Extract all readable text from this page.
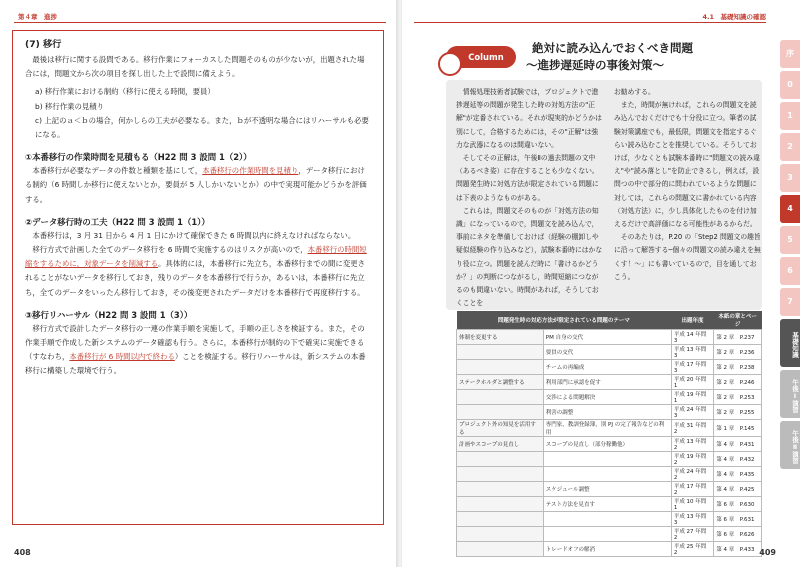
第４章　 進捗
(7) 移行

最後は移行に関する設問である。移行作業にフォーカスした問題そのものが少ないが，出題された場合には，問題文から次の項目を探し出した上で設問に備えよう。

a) 移行作業における制約（移行に使える時間，要員）
b) 移行作業の見積り
c) 上記のａ＜ｂの場合，何かしらの工夫が必要なる。また，ｂが不透明な場合にはリハーサルも必要になる。
①本番移行の作業時間を見積もる（H22 問 3 設問 1（2））

本番移行が必要なデータの件数と種類を基にして，本番移行の作業時間を見積り，データ移行における制約（6 時間しか移行に使えないとか，要員が 5 人しかいないとか）の中で実現可能かどうかを評価する。

②データ移行時の工夫（H22 問 3 設問 1（1））

本番移行は，3 月 31 日から 4 月 1 日にかけて確保できた 6 時間以内に終えなければならない。

移行方式で計画した全てのデータ移行を 6 時間で実施するのはリスクが高いので，本番移行の時間短縮をするために，対象データを削減する。具体的には，本番移行に先立ち，本番移行までの間に変更されることがないデータを移行しておき，残りのデータを本番移行で行うか，あるいは，本番移行に先立ち，全てのデータをいったん移行しておき，その後変更されたデータだけを本番移行で再度移行する。

③移行リハーサル（H22 問 3 設問 1（3））

移行方式で設計したデータ移行の一連の作業手順を実施して，手順の正しさを検証する。また，その作業手順で作成した新システムのデータ確認も行う。さらに，本番移行が制約の下で確実に実施できる（すなわち，本番移行が 6 時間以内で終わる）ことを検証する。移行リハーサルは，新システムの本番移行に構築した環境で行う。

408
4.1　 基礎知識の確認
Column
絶対に読み込んでおくべき問題
～進捗遅延時の事後対策～

情報処理技術者試験では，プロジェクトで進捗遅延等の問題が発生した時の対処方法の"正解"が定番されている。それが現実的かどうかは別にして，合格するためには，その"正解"は強力な武器になるのは間違いない。

そしてその正解は，午後Ⅱの過去問題の文中（あるべき姿）に存在することも少なくない。問題発生時に対処方法が限定されている問題には下表のようなものがある。

これらは，問題文そのものが「対処方法の知識」になっているので，問題文を読み込んで，事前にネタを準備しておけば（経験の棚卸しや疑似経験の作り込みなど），試験本番時にはかなり役に立つ。問題を読んだ時に「書けるかどうか？」の判断につながるし，時間短縮につながるのも間違いない。時間があれば，そうしておくことを

お勧めする。

また，時間が無ければ，これらの問題文を読み込んでおくだけでも十分役に立つ。筆者の試験対策講座でも，最低限，問題文を指定するぐらい読み込むことを推奨している。そうしておけば，少なくとも試験本番時に"問題文の読み違え"や"読み落とし"を防止できるし，例えば，設問つの中で部分的に問われているような問題に対しては，これらの問題文に書かれている内容（対処方法）に，少し具体化したものを付け加えるだけで高評価になる可能性があるからだ。

そのあたりは，P.20 の「Step2 問題文の趣旨に沿って解答する─個々の問題文の読み違えを無くす！～」にも書いているので，目を通しておこう。

問題発生時の対応方法が限定されている問題のテーマ		出題年度	本紙の章とページ
体制を変更する	PM 自身の交代	平成 14 年問 3	第 2 章　P.237
	要員の交代	平成 13 年問 3	第 2 章　P.236
	チームの再編成	平成 17 年問 3	第 2 章　P.238
ステークホルダと調整する	利用部門に承認を促す	平成 20 年問 1	第 2 章　P.246
	交渉による問題解決	平成 19 年問 1	第 2 章　P.253
	利害の調整	平成 24 年問 3	第 2 章　P.255
プロジェクト外の知見を活用する	専門家，教訓登録簿，別 PJ の完了報告などの利用	平成 31 年問 2	第 1 章　P.145
計画やスコープの見直し	スコープの見直し（部分稼働他）	平成 13 年問 2	第 4 章　P.431
		平成 19 年問 2	第 4 章　P.432
		平成 24 年問 2	第 4 章　P.435
	スケジュール調整	平成 17 年問 2	第 4 章　P.425
	テスト方法を見直す	平成 10 年問 1	第 6 章　P.630
		平成 13 年問 3	第 6 章　P.631
		平成 27 年問 2	第 6 章　P.626
	トレードオフの解消	平成 25 年問 2	第 4 章　P.433
序
0
1
2
3
4
5
6
7
基礎知識
午後Ⅰ演習
午後Ⅱ演習
409
